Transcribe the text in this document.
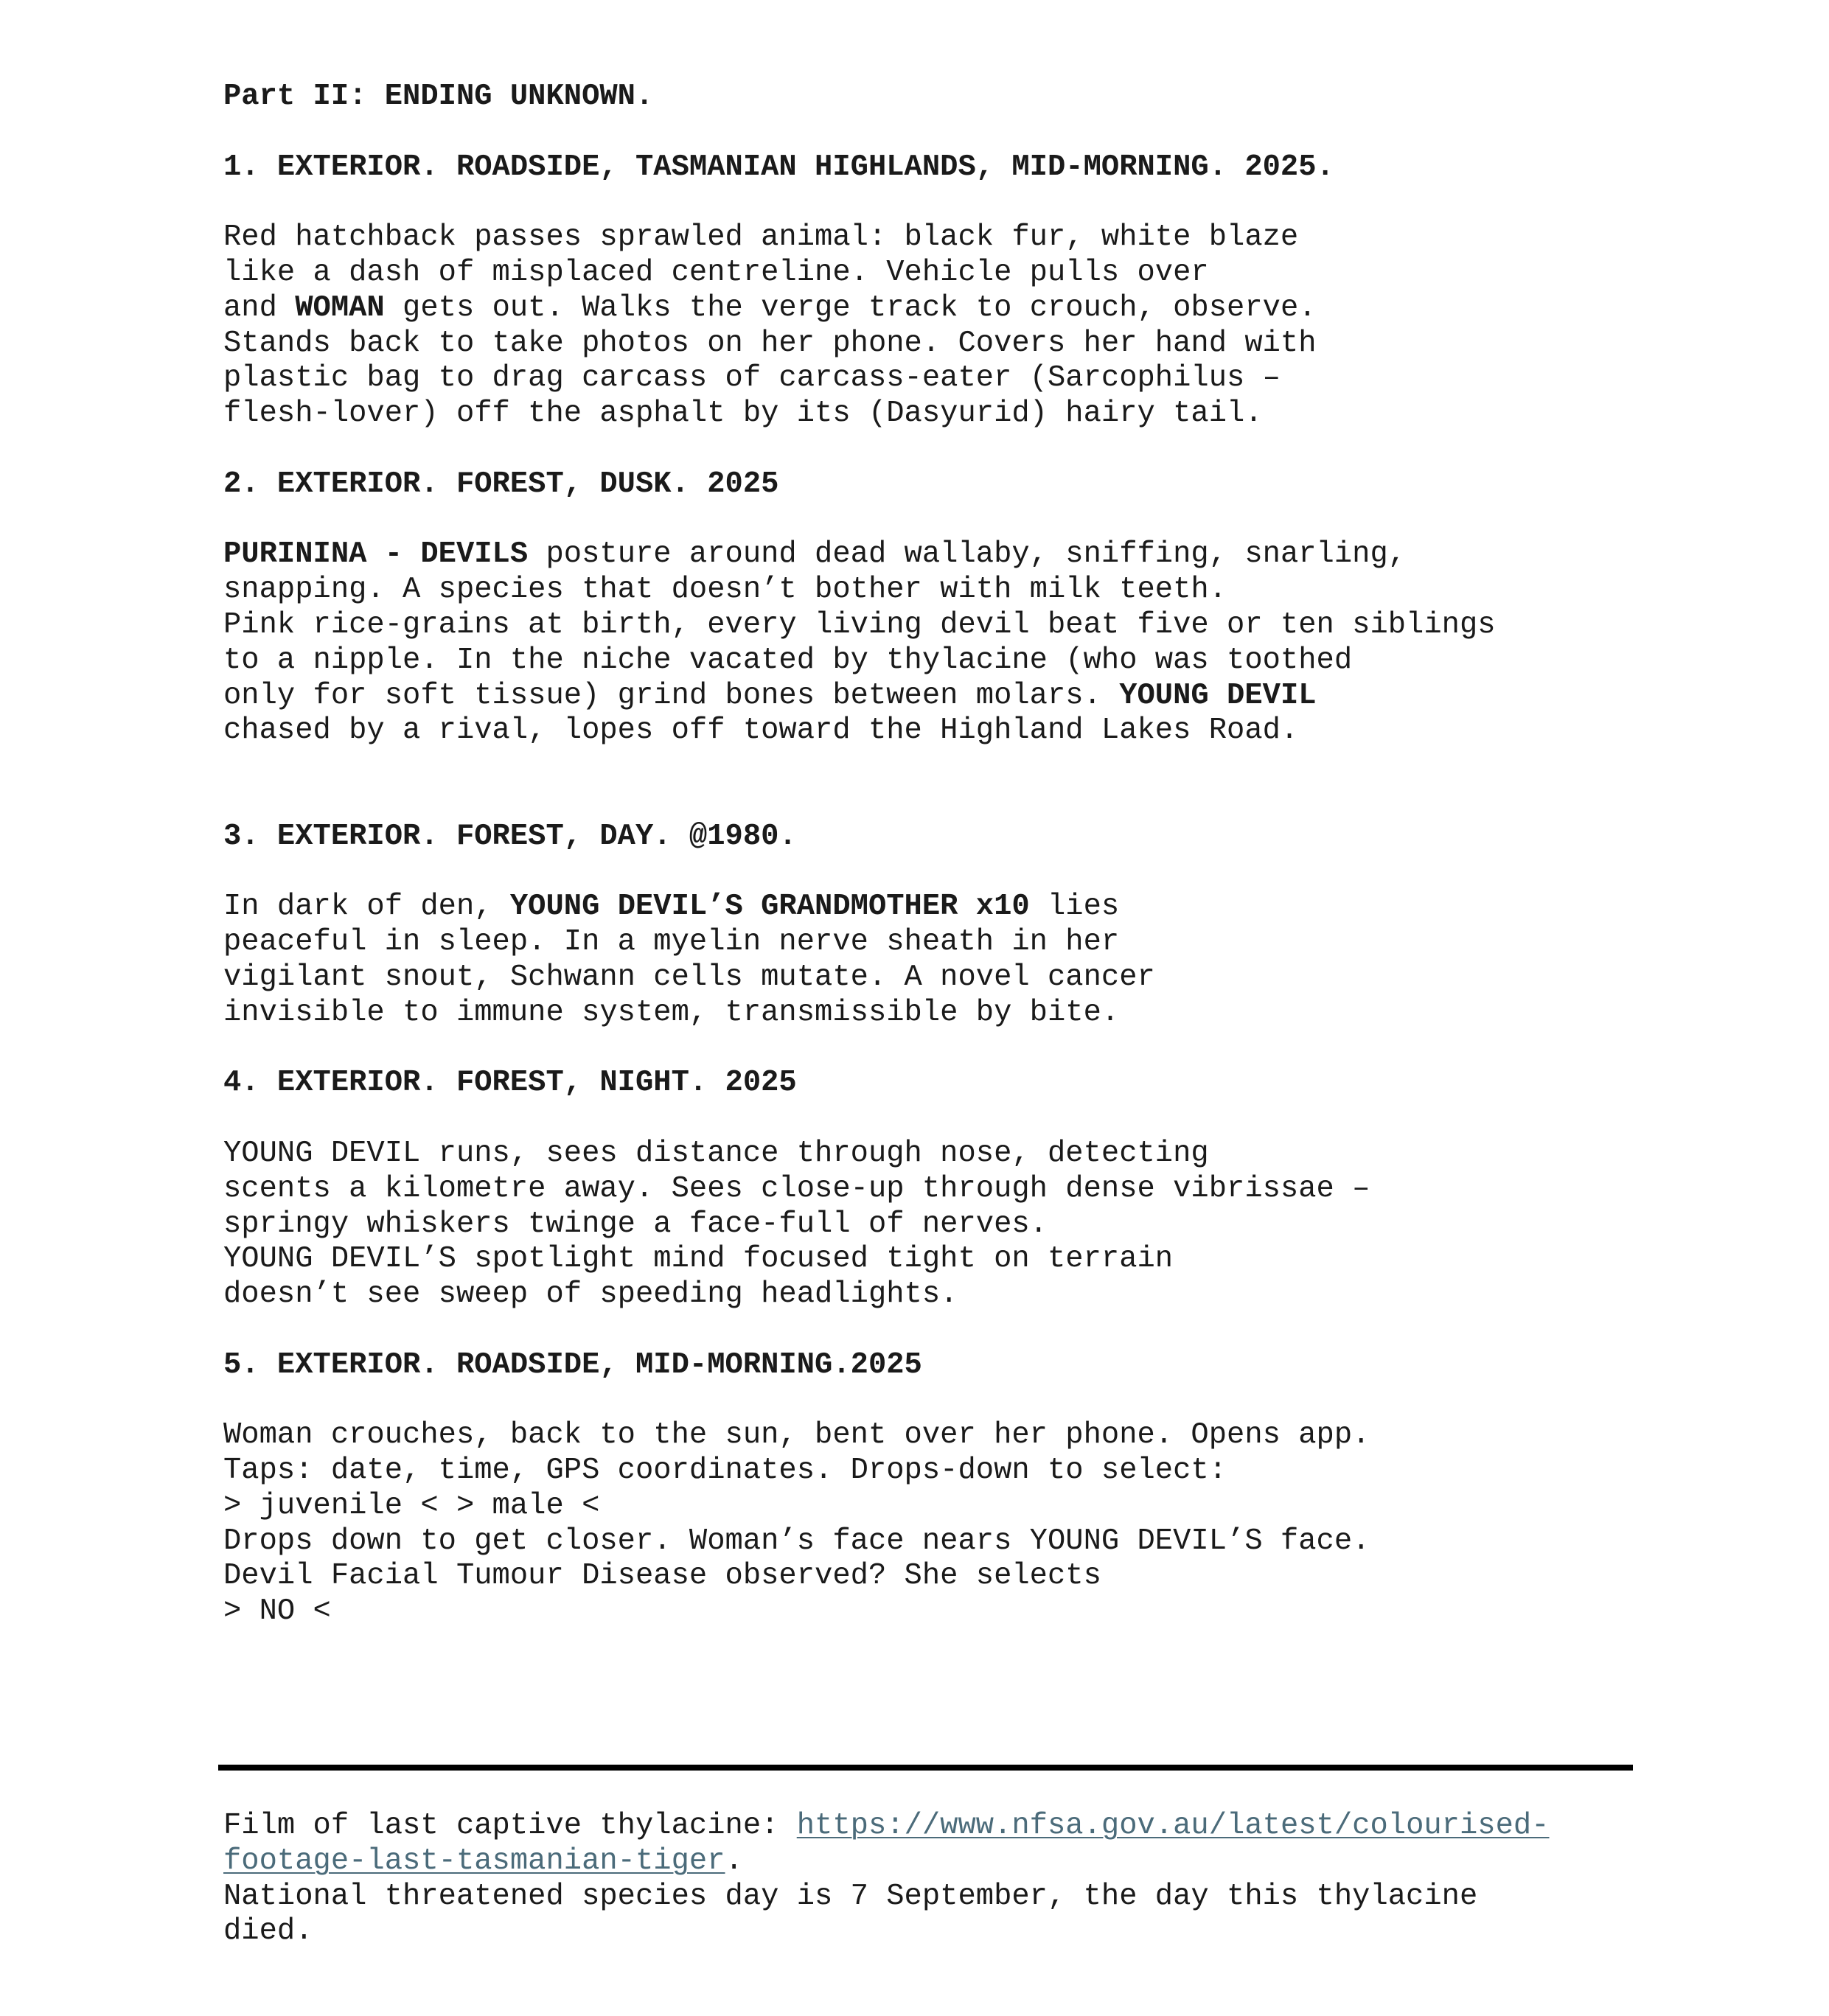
Part II: ENDING UNKNOWN.
1. EXTERIOR. ROADSIDE, TASMANIAN HIGHLANDS, MID-MORNING. 2025.
Red hatchback passes sprawled animal: black fur, white blaze
like a dash of misplaced centreline. Vehicle pulls over
and WOMAN gets out. Walks the verge track to crouch, observe.
Stands back to take photos on her phone. Covers her hand with
plastic bag to drag carcass of carcass-eater (Sarcophilus –
flesh-lover) off the asphalt by its (Dasyurid) hairy tail.
2. EXTERIOR. FOREST, DUSK. 2025
PURININA - DEVILS posture around dead wallaby, sniffing, snarling,
snapping. A species that doesn’t bother with milk teeth.
Pink rice-grains at birth, every living devil beat five or ten siblings
to a nipple. In the niche vacated by thylacine (who was toothed
only for soft tissue) grind bones between molars. YOUNG DEVIL
chased by a rival, lopes off toward the Highland Lakes Road.
3. EXTERIOR. FOREST, DAY. @1980.
In dark of den, YOUNG DEVIL’S GRANDMOTHER x10 lies
peaceful in sleep. In a myelin nerve sheath in her
vigilant snout, Schwann cells mutate. A novel cancer
invisible to immune system, transmissible by bite.
4. EXTERIOR. FOREST, NIGHT. 2025
YOUNG DEVIL runs, sees distance through nose, detecting
scents a kilometre away. Sees close-up through dense vibrissae –
springy whiskers twinge a face-full of nerves.
YOUNG DEVIL’S spotlight mind focused tight on terrain
doesn’t see sweep of speeding headlights.
5. EXTERIOR. ROADSIDE, MID-MORNING.2025
Woman crouches, back to the sun, bent over her phone. Opens app.
Taps: date, time, GPS coordinates. Drops-down to select:
> juvenile < > male <
Drops down to get closer. Woman’s face nears YOUNG DEVIL’S face.
Devil Facial Tumour Disease observed? She selects
> NO <
Film of last captive thylacine: https://www.nfsa.gov.au/latest/colourised-
footage-last-tasmanian-tiger.
National threatened species day is 7 September, the day this thylacine
died.
